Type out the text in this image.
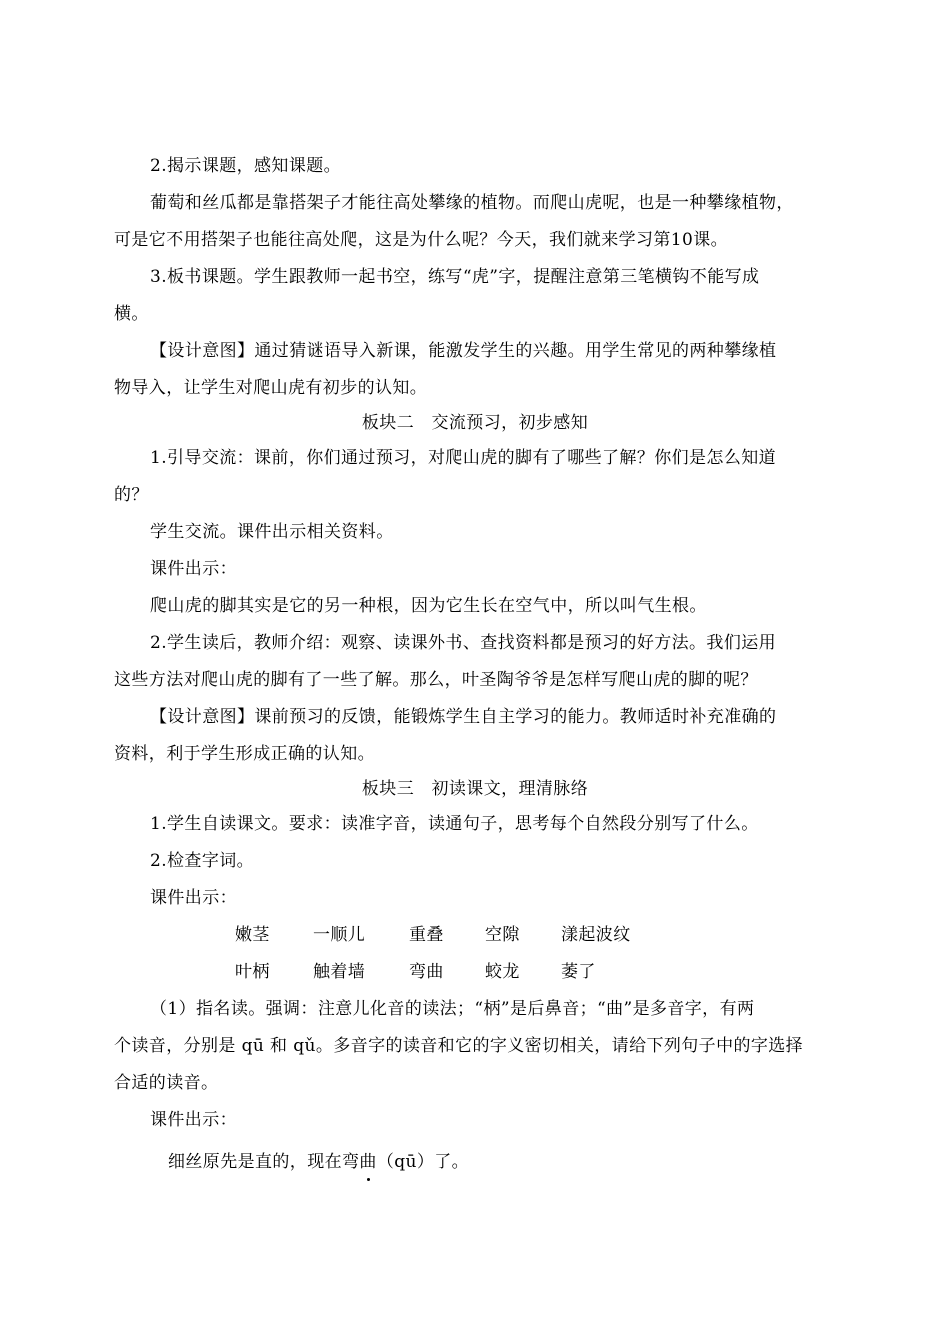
2.揭示课题，感知课题。
葡萄和丝瓜都是靠搭架子才能往高处攀缘的植物。而爬山虎呢，也是一种攀缘植物，
可是它不用搭架子也能往高处爬，这是为什么呢？今天，我们就来学习第10课。
3.板书课题。学生跟教师一起书空，练写“虎”字，提醒注意第三笔横钩不能写成
横。
【设计意图】通过猜谜语导入新课，能激发学生的兴趣。用学生常见的两种攀缘植
物导入，让学生对爬山虎有初步的认知。
板块二　交流预习，初步感知
1.引导交流：课前，你们通过预习，对爬山虎的脚有了哪些了解？你们是怎么知道
的？
学生交流。课件出示相关资料。
课件出示：
爬山虎的脚其实是它的另一种根，因为它生长在空气中，所以叫气生根。
2.学生读后，教师介绍：观察、读课外书、查找资料都是预习的好方法。我们运用
这些方法对爬山虎的脚有了一些了解。那么，叶圣陶爷爷是怎样写爬山虎的脚的呢？
【设计意图】课前预习的反馈，能锻炼学生自主学习的能力。教师适时补充准确的
资料，利于学生形成正确的认知。
板块三　初读课文，理清脉络
1.学生自读课文。要求：读准字音，读通句子，思考每个自然段分别写了什么。
2.检查字词。
课件出示：
嫩茎	一顺儿	重叠 空隙 漾起波纹
叶柄	触着墙	弯曲 蛟龙 萎了
（1）指名读。强调：注意儿化音的读法；“柄”是后鼻音；“曲”是多音字，有两
个读音，分别是 qū 和 qǔ。多音字的读音和它的字义密切相关，请给下列句子中的字选择
合适的读音。
课件出示：
细丝原先是直的，现在弯曲（qū）了。
